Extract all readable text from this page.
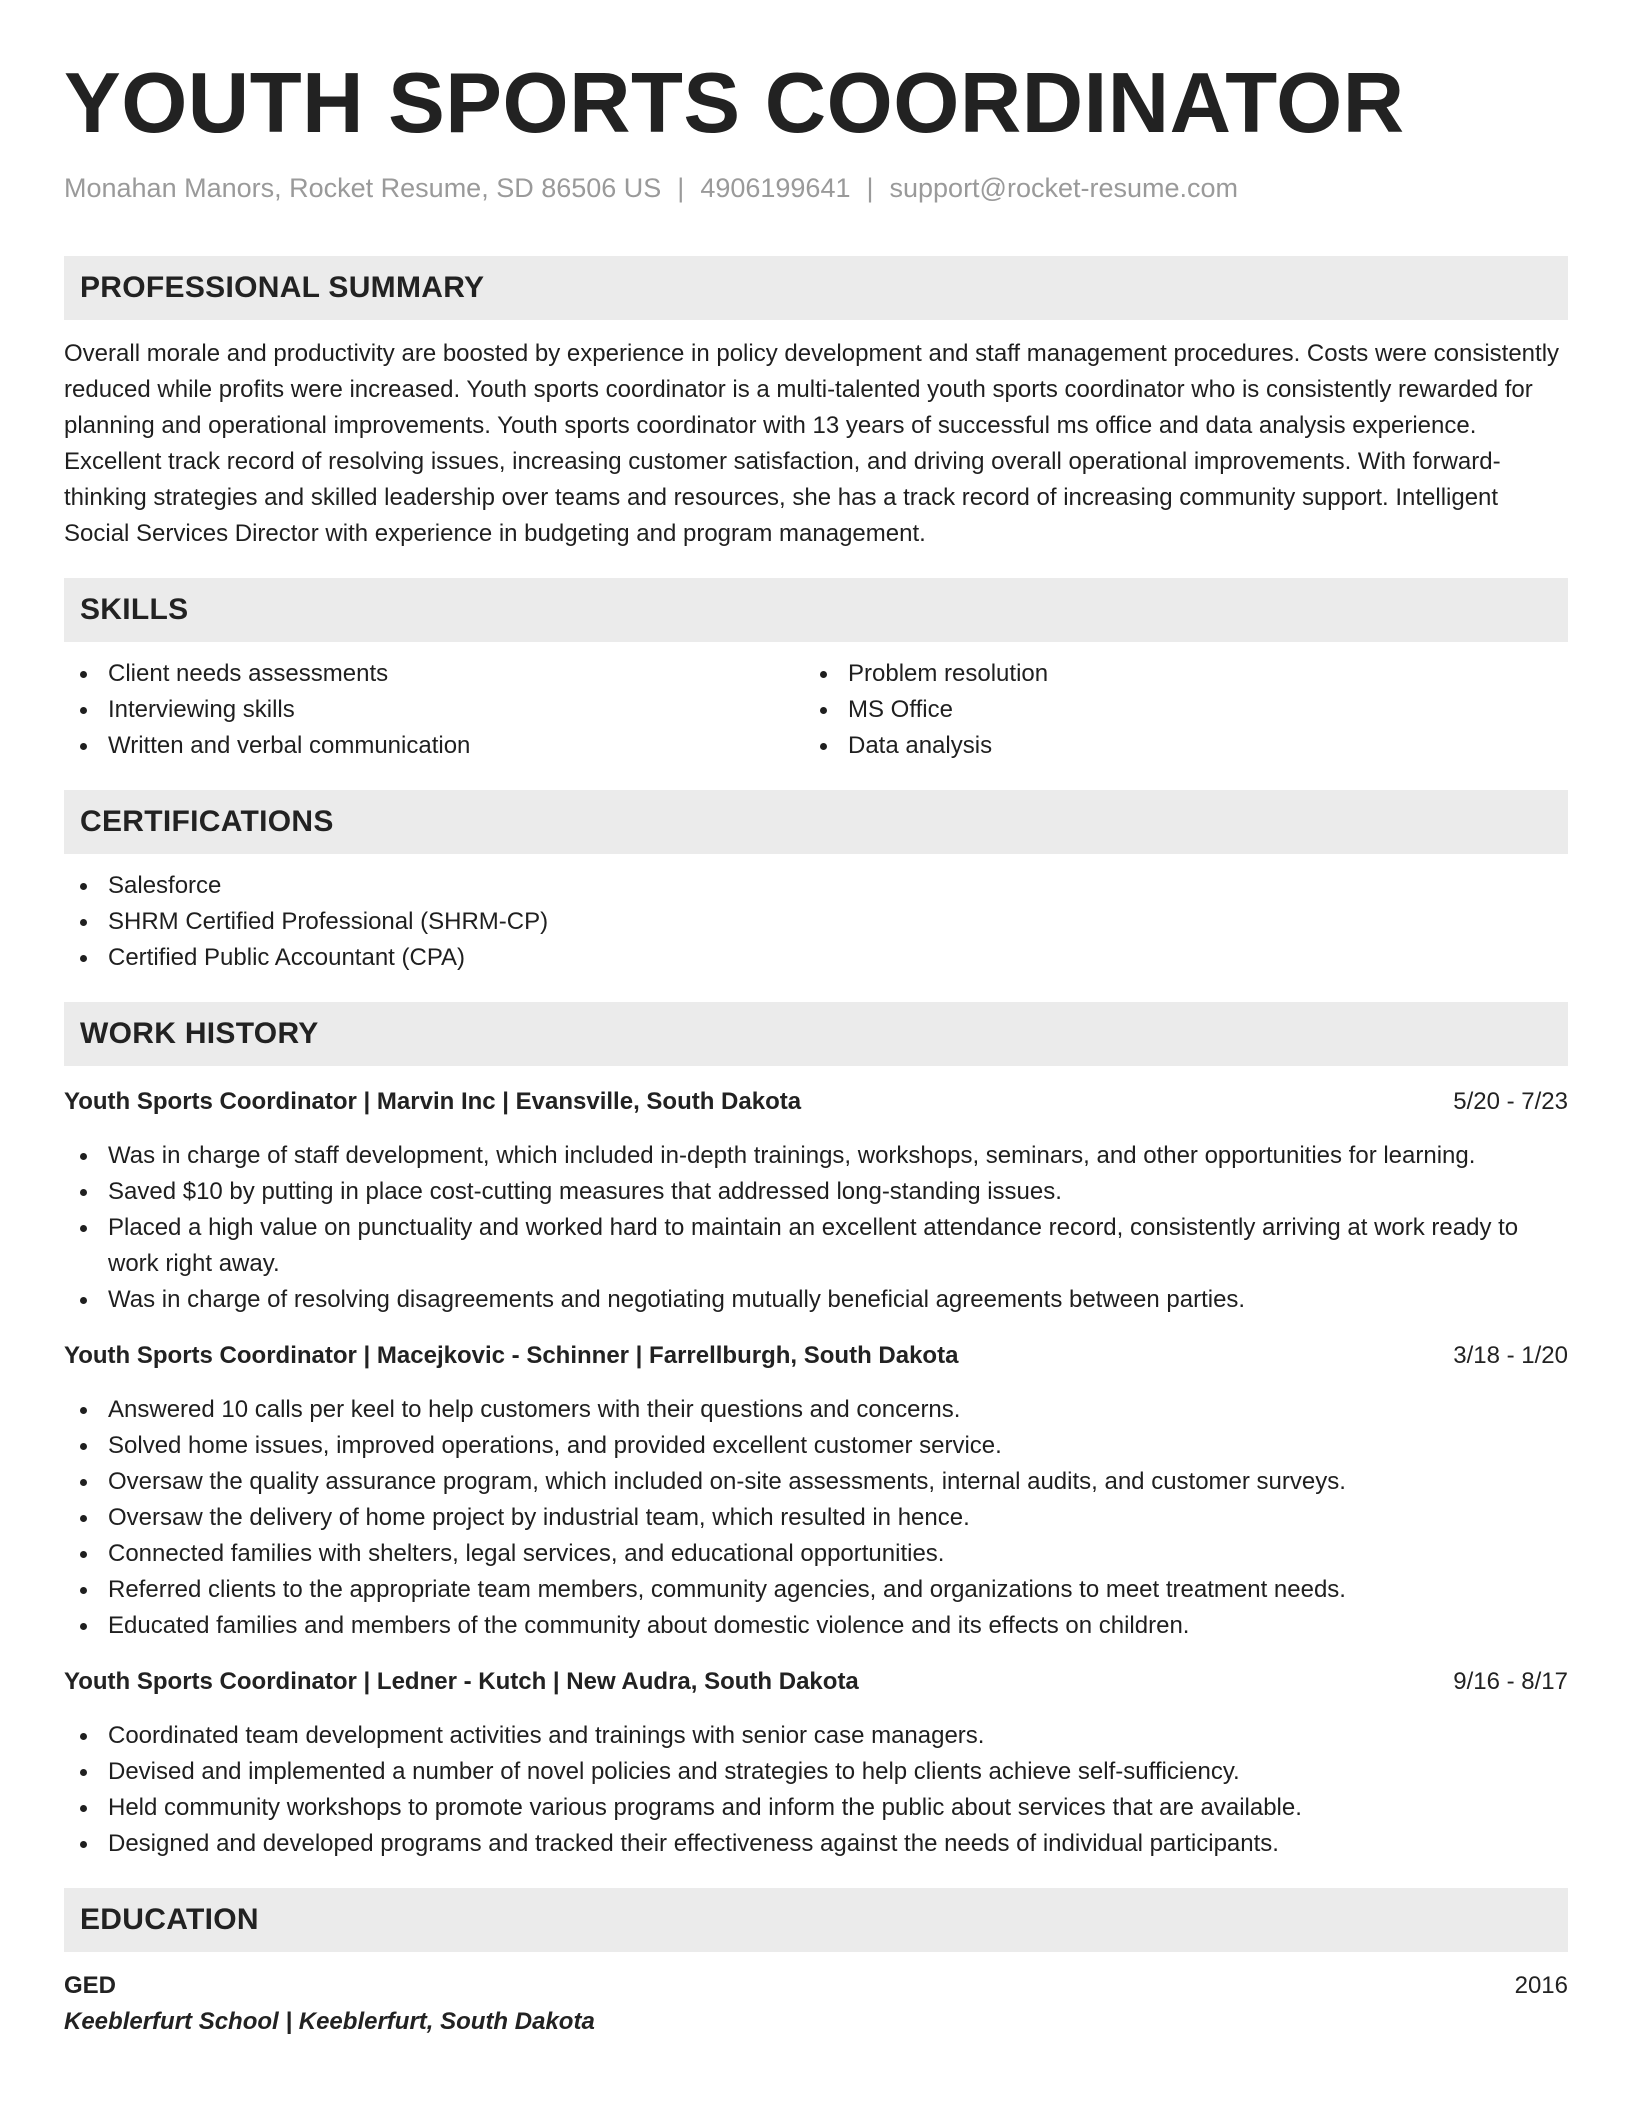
YOUTH SPORTS COORDINATOR
Monahan Manors, Rocket Resume, SD 86506 US | 4906199641 | support@rocket-resume.com
PROFESSIONAL SUMMARY
Overall morale and productivity are boosted by experience in policy development and staff management procedures. Costs were consistently reduced while profits were increased. Youth sports coordinator is a multi-talented youth sports coordinator who is consistently rewarded for planning and operational improvements. Youth sports coordinator with 13 years of successful ms office and data analysis experience. Excellent track record of resolving issues, increasing customer satisfaction, and driving overall operational improvements. With forward-thinking strategies and skilled leadership over teams and resources, she has a track record of increasing community support. Intelligent Social Services Director with experience in budgeting and program management.
SKILLS
Client needs assessments
Interviewing skills
Written and verbal communication
Problem resolution
MS Office
Data analysis
CERTIFICATIONS
Salesforce
SHRM Certified Professional (SHRM-CP)
Certified Public Accountant (CPA)
WORK HISTORY
Youth Sports Coordinator | Marvin Inc | Evansville, South Dakota	5/20 - 7/23
Was in charge of staff development, which included in-depth trainings, workshops, seminars, and other opportunities for learning.
Saved $10 by putting in place cost-cutting measures that addressed long-standing issues.
Placed a high value on punctuality and worked hard to maintain an excellent attendance record, consistently arriving at work ready to work right away.
Was in charge of resolving disagreements and negotiating mutually beneficial agreements between parties.
Youth Sports Coordinator | Macejkovic - Schinner | Farrellburgh, South Dakota	3/18 - 1/20
Answered 10 calls per keel to help customers with their questions and concerns.
Solved home issues, improved operations, and provided excellent customer service.
Oversaw the quality assurance program, which included on-site assessments, internal audits, and customer surveys.
Oversaw the delivery of home project by industrial team, which resulted in hence.
Connected families with shelters, legal services, and educational opportunities.
Referred clients to the appropriate team members, community agencies, and organizations to meet treatment needs.
Educated families and members of the community about domestic violence and its effects on children.
Youth Sports Coordinator | Ledner - Kutch | New Audra, South Dakota	9/16 - 8/17
Coordinated team development activities and trainings with senior case managers.
Devised and implemented a number of novel policies and strategies to help clients achieve self-sufficiency.
Held community workshops to promote various programs and inform the public about services that are available.
Designed and developed programs and tracked their effectiveness against the needs of individual participants.
EDUCATION
GED	2016
Keeblerfurt School | Keeblerfurt, South Dakota
